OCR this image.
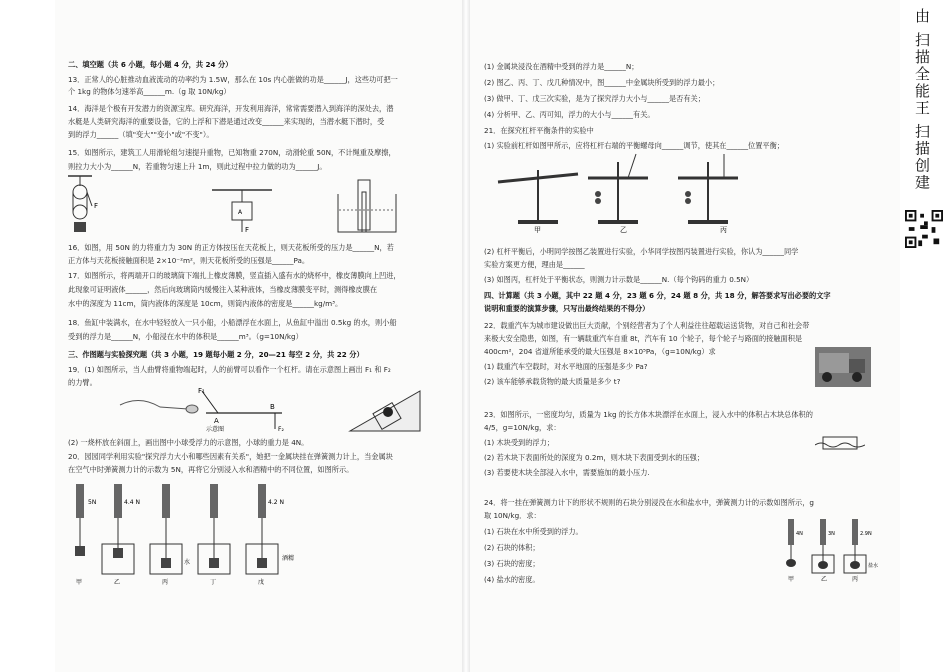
二、填空题（共 6 小题，每小题 4 分，共 24 分）
13．正常人的心脏推动血液流动的功率约为 1.5W，那么在 10s 内心脏做的功是______J，这些功可把一
个 1kg 的物体匀速举高______m.（g 取 10N/kg）
14．海洋是个极有开发潜力的资源宝库。研究海洋，开发利用海洋，常常需要潜入到海洋的深处去，潜
水艇是人类研究海洋的重要设备，它的上浮和下潜是通过改变______来实现的，当潜水艇下潜时，受
到的浮力______（填"变大""变小"或"不变"）。
15．如图所示，建筑工人用滑轮组匀速提升重物，已知物重 270N，动滑轮重 50N，不计绳重及摩擦，
则拉力大小为______N，若重物匀速上升 1m，则此过程中拉力做的功为______J。
16．如图，用 50N 的力将重力为 30N 的正方体按压在天花板上，则天花板所受的压力是______N，若
正方体与天花板接触面积是 2×10⁻²m²，则天花板所受的压强是______Pa。
17．如图所示，将两端开口的玻璃筒下端扎上橡皮薄膜，竖直插入盛有水的烧杯中，橡皮薄膜向上凹进，
此现象可证明液体______，然后向玻璃筒内缓慢注入某种液体，当橡皮薄膜变平时，测得橡皮膜在
水中的深度为 11cm，筒内液体的深度是 10cm，则筒内液体的密度是______kg/m³。
18．鱼缸中装满水，在水中轻轻放入一只小船，小船漂浮在水面上，从鱼缸中溢出 0.5kg 的水，则小船
受到的浮力是______N，小船浸在水中的体积是______m³。（g=10N/kg）
三、作图题与实验探究题（共 3 小题，19 题每小题 2 分，20—21 每空 2 分，共 22 分）
19．(1) 如图所示，当人曲臂将重物端起时，人的前臂可以看作一个杠杆。请在示意图上画出 F₁ 和 F₂
的力臂。
(2) 一烧杯放在斜面上，画出图中小球受浮力的示意图，小球的重力是 4N。
20．园园同学利用实验"探究浮力大小和哪些因素有关系"，她把一金属块挂在弹簧测力计上，当金属块
在空气中时弹簧测力计的示数为 5N，再将它分别浸入水和酒精中的不同位置，如图所示。
F
A
F
F₁
A
B
F₂
示意图
5N
甲
4.4 N
乙
水
丙	丁
4.2 N
酒精
戊
(1) 金属块浸没在酒精中受到的浮力是______N；
(2) 图乙、丙、丁、戊几种情况中，图______中金属块所受到的浮力最小；
(3) 做甲、丁、戊三次实验，是为了探究浮力大小与______是否有关；
(4) 分析甲、乙、丙可知，浮力的大小与______有关。
21．在探究杠杆平衡条件的实验中
(1) 实验前杠杆如图甲所示，应将杠杆右端的平衡螺母向______调节，使其在______位置平衡；
甲	乙	丙
(2) 杠杆平衡后，小明同学按图乙装置进行实验，小华同学按图丙装置进行实验，你认为______同学
实验方案更方便，理由是______
(3) 如图丙，杠杆处于平衡状态，则测力计示数是______N.（每个钩码的重力 0.5N）
四、计算题（共 3 小题，其中 22 题 4 分，23 题 6 分，24 题 8 分，共 18 分，解答要求写出必要的文字
说明和重要的演算步骤，只写出最终结果的不得分）
22．载重汽车为城市建设做出巨大贡献，个别经营者为了个人利益往往超载运送货物，对自己和社会带
来极大安全隐患，如图，有一辆载重汽车自重 8t，汽车有 10 个轮子，每个轮子与路面的接触面积是
400cm²，204 省道所能承受的最大压强是 8×10⁵Pa，（g=10N/kg）求
(1) 载重汽车空载时，对水平地面的压强是多少 Pa?
(2) 该车能够承载货物的最大质量是多少 t?
23．如图所示，一密度均匀，质量为 1kg 的长方体木块漂浮在水面上，浸入水中的体积占木块总体积的
4/5，g=10N/kg，求：
(1) 木块受到的浮力；
(2) 若木块下表面所处的深度为 0.2m，则木块下表面受到水的压强；
(3) 若要使木块全部浸入水中，需要施加的最小压力.
24．将一挂在弹簧测力计下的形状不规则的石块分别浸没在水和盐水中，弹簧测力计的示数如图所示，g
取 10N/kg．求：
(1) 石块在水中所受到的浮力。
(2) 石块的体积；
(3) 石块的密度；
(4) 盐水的密度。
4N
甲
3N
乙
2.9N
盐水
丙
由 扫描全能王 扫描创建
